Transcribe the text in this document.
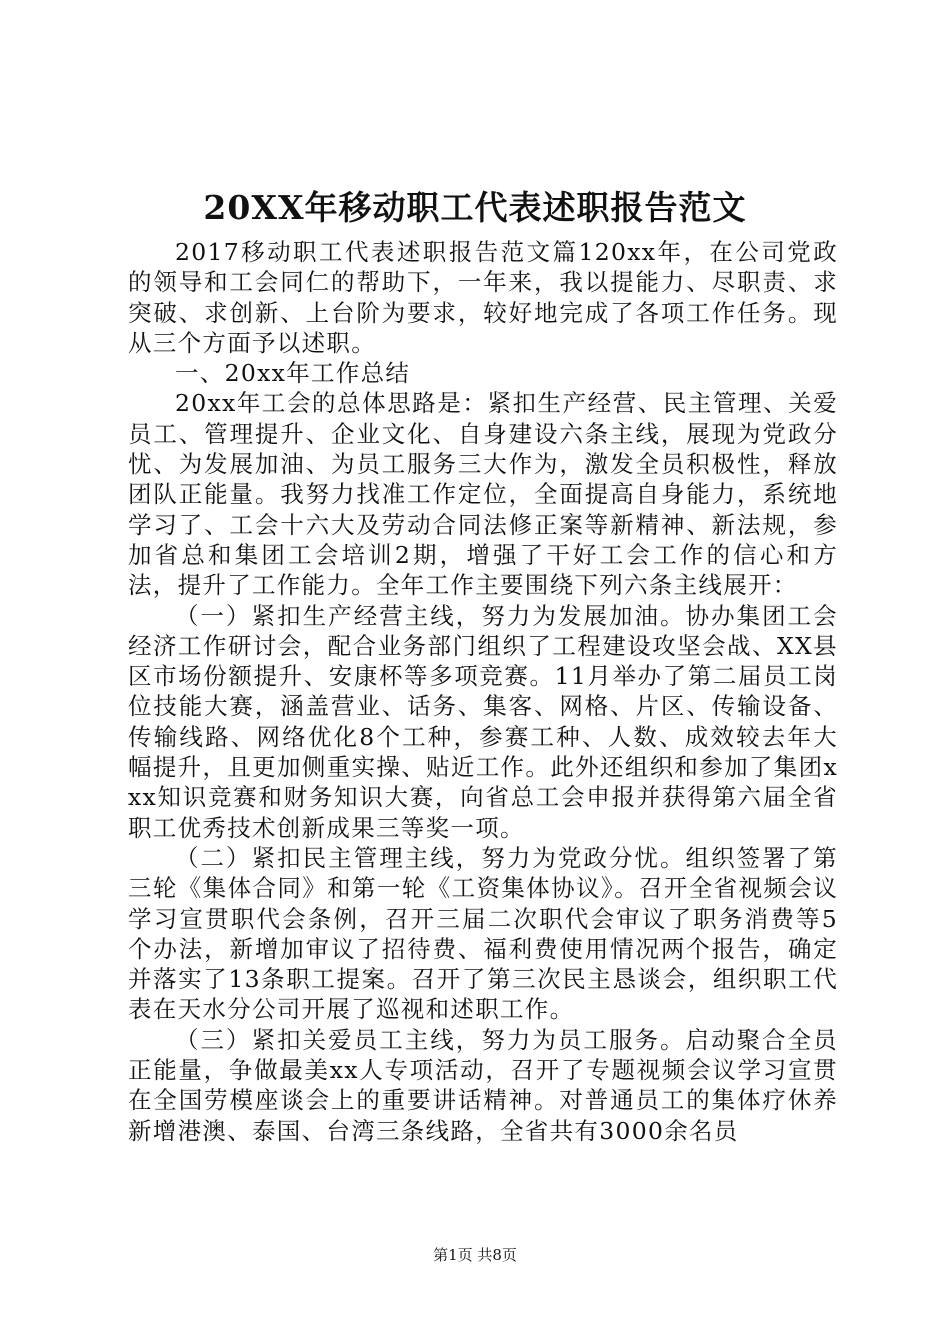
20XX年移动职工代表述职报告范文

2017移动职工代表述职报告范文篇120xx年，在公司党政的领导和工会同仁的帮助下，一年来，我以提能力、尽职责、求突破、求创新、上台阶为要求，较好地完成了各项工作任务。现从三个方面予以述职。

一、20xx年工作总结

20xx年工会的总体思路是：紧扣生产经营、民主管理、关爱员工、管理提升、企业文化、自身建设六条主线，展现为党政分忧、为发展加油、为员工服务三大作为，激发全员积极性，释放团队正能量。我努力找准工作定位，全面提高自身能力，系统地学习了、工会十六大及劳动合同法修正案等新精神、新法规，参加省总和集团工会培训2期，增强了干好工会工作的信心和方法，提升了工作能力。全年工作主要围绕下列六条主线展开：

（一）紧扣生产经营主线，努力为发展加油。协办集团工会经济工作研讨会，配合业务部门组织了工程建设攻坚会战、XX县区市场份额提升、安康杯等多项竞赛。11月举办了第二届员工岗位技能大赛，涵盖营业、话务、集客、网格、片区、传输设备、传输线路、网络优化8个工种，参赛工种、人数、成效较去年大幅提升，且更加侧重实操、贴近工作。此外还组织和参加了集团xxx知识竞赛和财务知识大赛，向省总工会申报并获得第六届全省职工优秀技术创新成果三等奖一项。

（二）紧扣民主管理主线，努力为党政分忧。组织签署了第三轮《集体合同》和第一轮《工资集体协议》。召开全省视频会议学习宣贯职代会条例，召开三届二次职代会审议了职务消费等5个办法，新增加审议了招待费、福利费使用情况两个报告，确定并落实了13条职工提案。召开了第三次民主恳谈会，组织职工代表在天水分公司开展了巡视和述职工作。

（三）紧扣关爱员工主线，努力为员工服务。启动聚合全员正能量，争做最美xx人专项活动，召开了专题视频会议学习宣贯在全国劳模座谈会上的重要讲话精神。对普通员工的集体疗休养新增港澳、泰国、台湾三条线路，全省共有3000余名员

第1页 共8页
